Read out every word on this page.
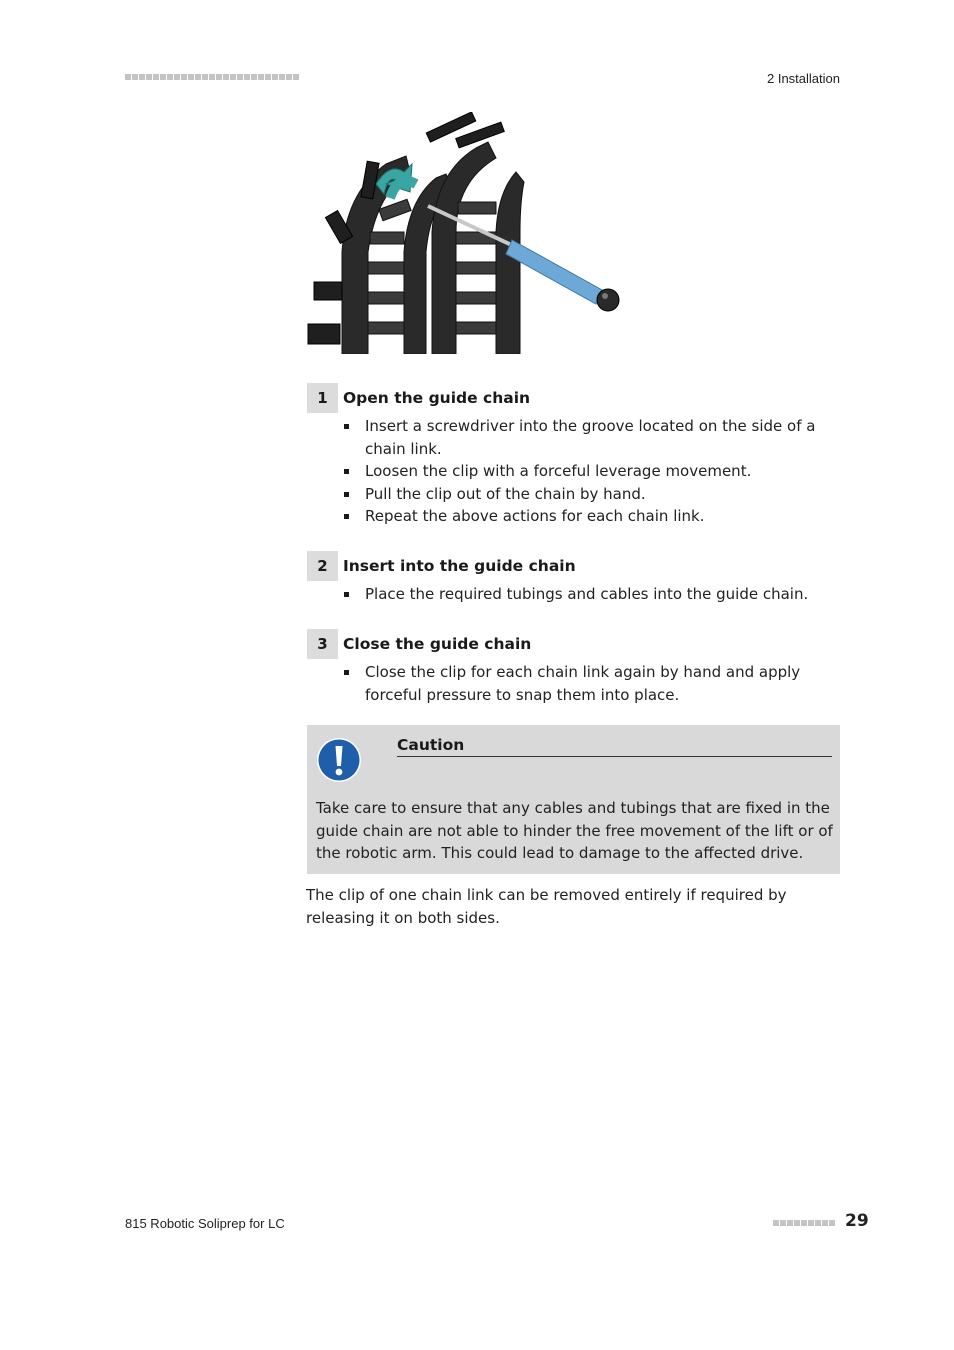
2 Installation
1 Open the guide chain
Insert a screwdriver into the groove located on the side of a chain link.
Loosen the clip with a forceful leverage movement.
Pull the clip out of the chain by hand.
Repeat the above actions for each chain link.
2 Insert into the guide chain
Place the required tubings and cables into the guide chain.
3 Close the guide chain
Close the clip for each chain link again by hand and apply forceful pressure to snap them into place.
Caution
Take care to ensure that any cables and tubings that are fixed in the guide chain are not able to hinder the free movement of the lift or of the robotic arm. This could lead to damage to the affected drive.
The clip of one chain link can be removed entirely if required by releasing it on both sides.
815 Robotic Soliprep for LC	29
